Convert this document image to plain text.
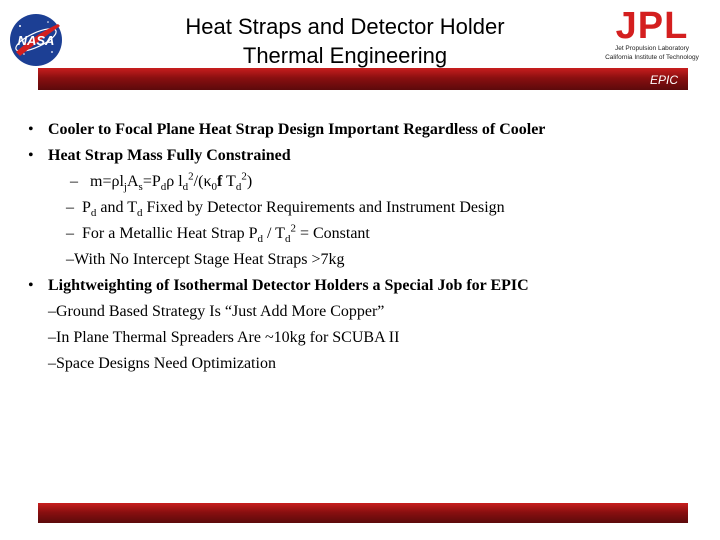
NASA
Heat Straps and Detector Holder
Thermal Engineering
JPL
Jet Propulsion Laboratory
California Institute of Technology
EPIC
• Cooler to Focal Plane Heat Strap Design Important Regardless of Cooler
• Heat Strap Mass Fully Constrained
– $m=\rho l_jA_s=P_d\rho$ $l_d^2/(\kappa_0f$ $T_d^2$)
– $P_d$ and $T_d$ Fixed by Detector Requirements and Instrument Design
– For a Metallic Heat Strap $P_d / T_d^2$ = Constant
–With No Intercept Stage Heat Straps >7kg
• Lightweighting of Isothermal Detector Holders a Special Job for EPIC
–Ground Based Strategy Is “Just Add More Copper”
–In Plane Thermal Spreaders Are ~10kg for SCUBA II
–Space Designs Need Optimization
